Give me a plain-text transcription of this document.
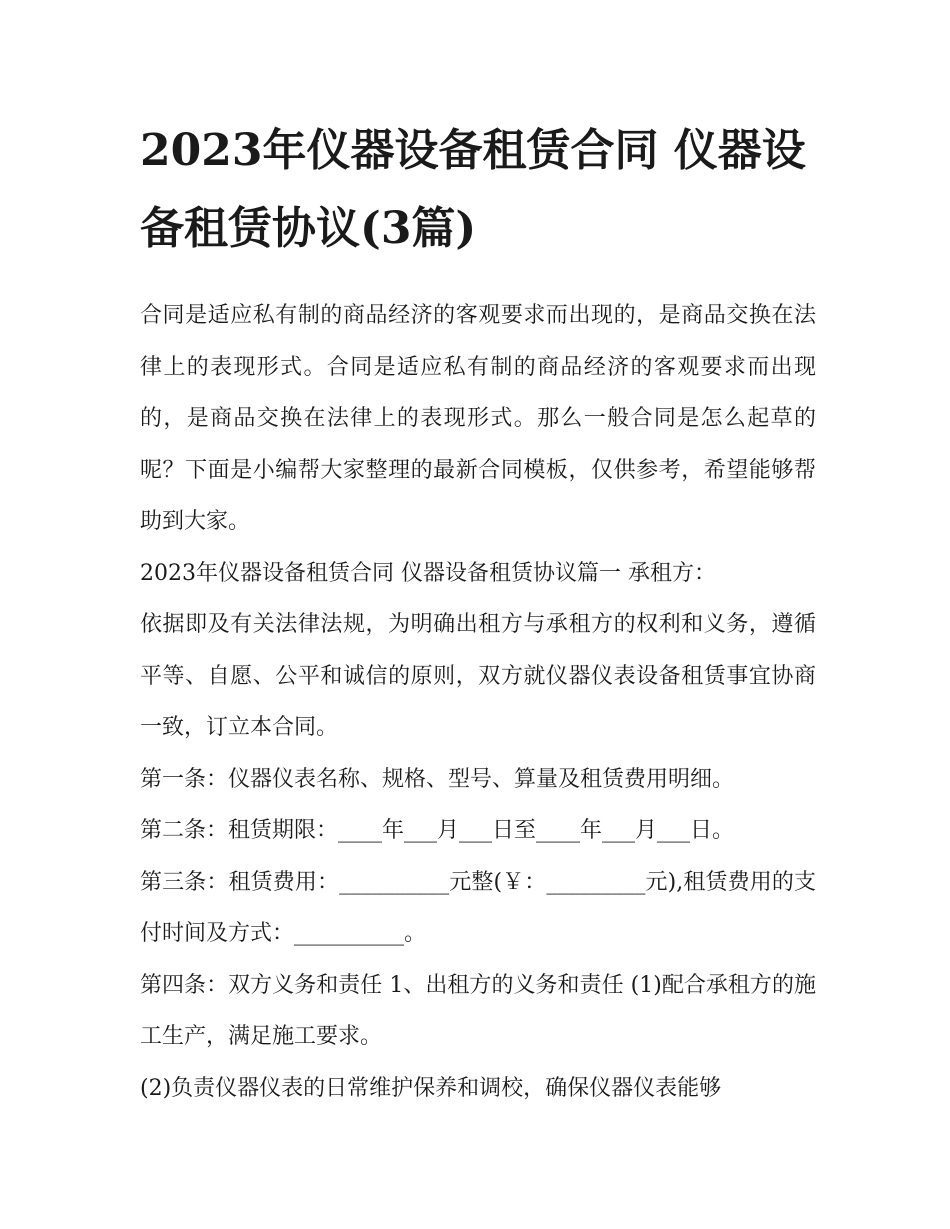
2023年仪器设备租赁合同 仪器设备租赁协议(3篇)

合同是适应私有制的商品经济的客观要求而出现的，是商品交换在法律上的表现形式。合同是适应私有制的商品经济的客观要求而出现的，是商品交换在法律上的表现形式。那么一般合同是怎么起草的呢？下面是小编帮大家整理的最新合同模板，仅供参考，希望能够帮助到大家。

2023年仪器设备租赁合同 仪器设备租赁协议篇一 承租方：

依据即及有关法律法规，为明确出租方与承租方的权利和义务，遵循平等、自愿、公平和诚信的原则，双方就仪器仪表设备租赁事宜协商一致，订立本合同。

第一条：仪器仪表名称、规格、型号、算量及租赁费用明细。

第二条：租赁期限：____年___月___日至____年___月___日。

第三条：租赁费用：__________元整(￥：_________元),租赁费用的支付时间及方式：__________。

第四条：双方义务和责任 1、出租方的义务和责任 (1)配合承租方的施工生产，满足施工要求。

(2)负责仪器仪表的日常维护保养和调校，确保仪器仪表能够
